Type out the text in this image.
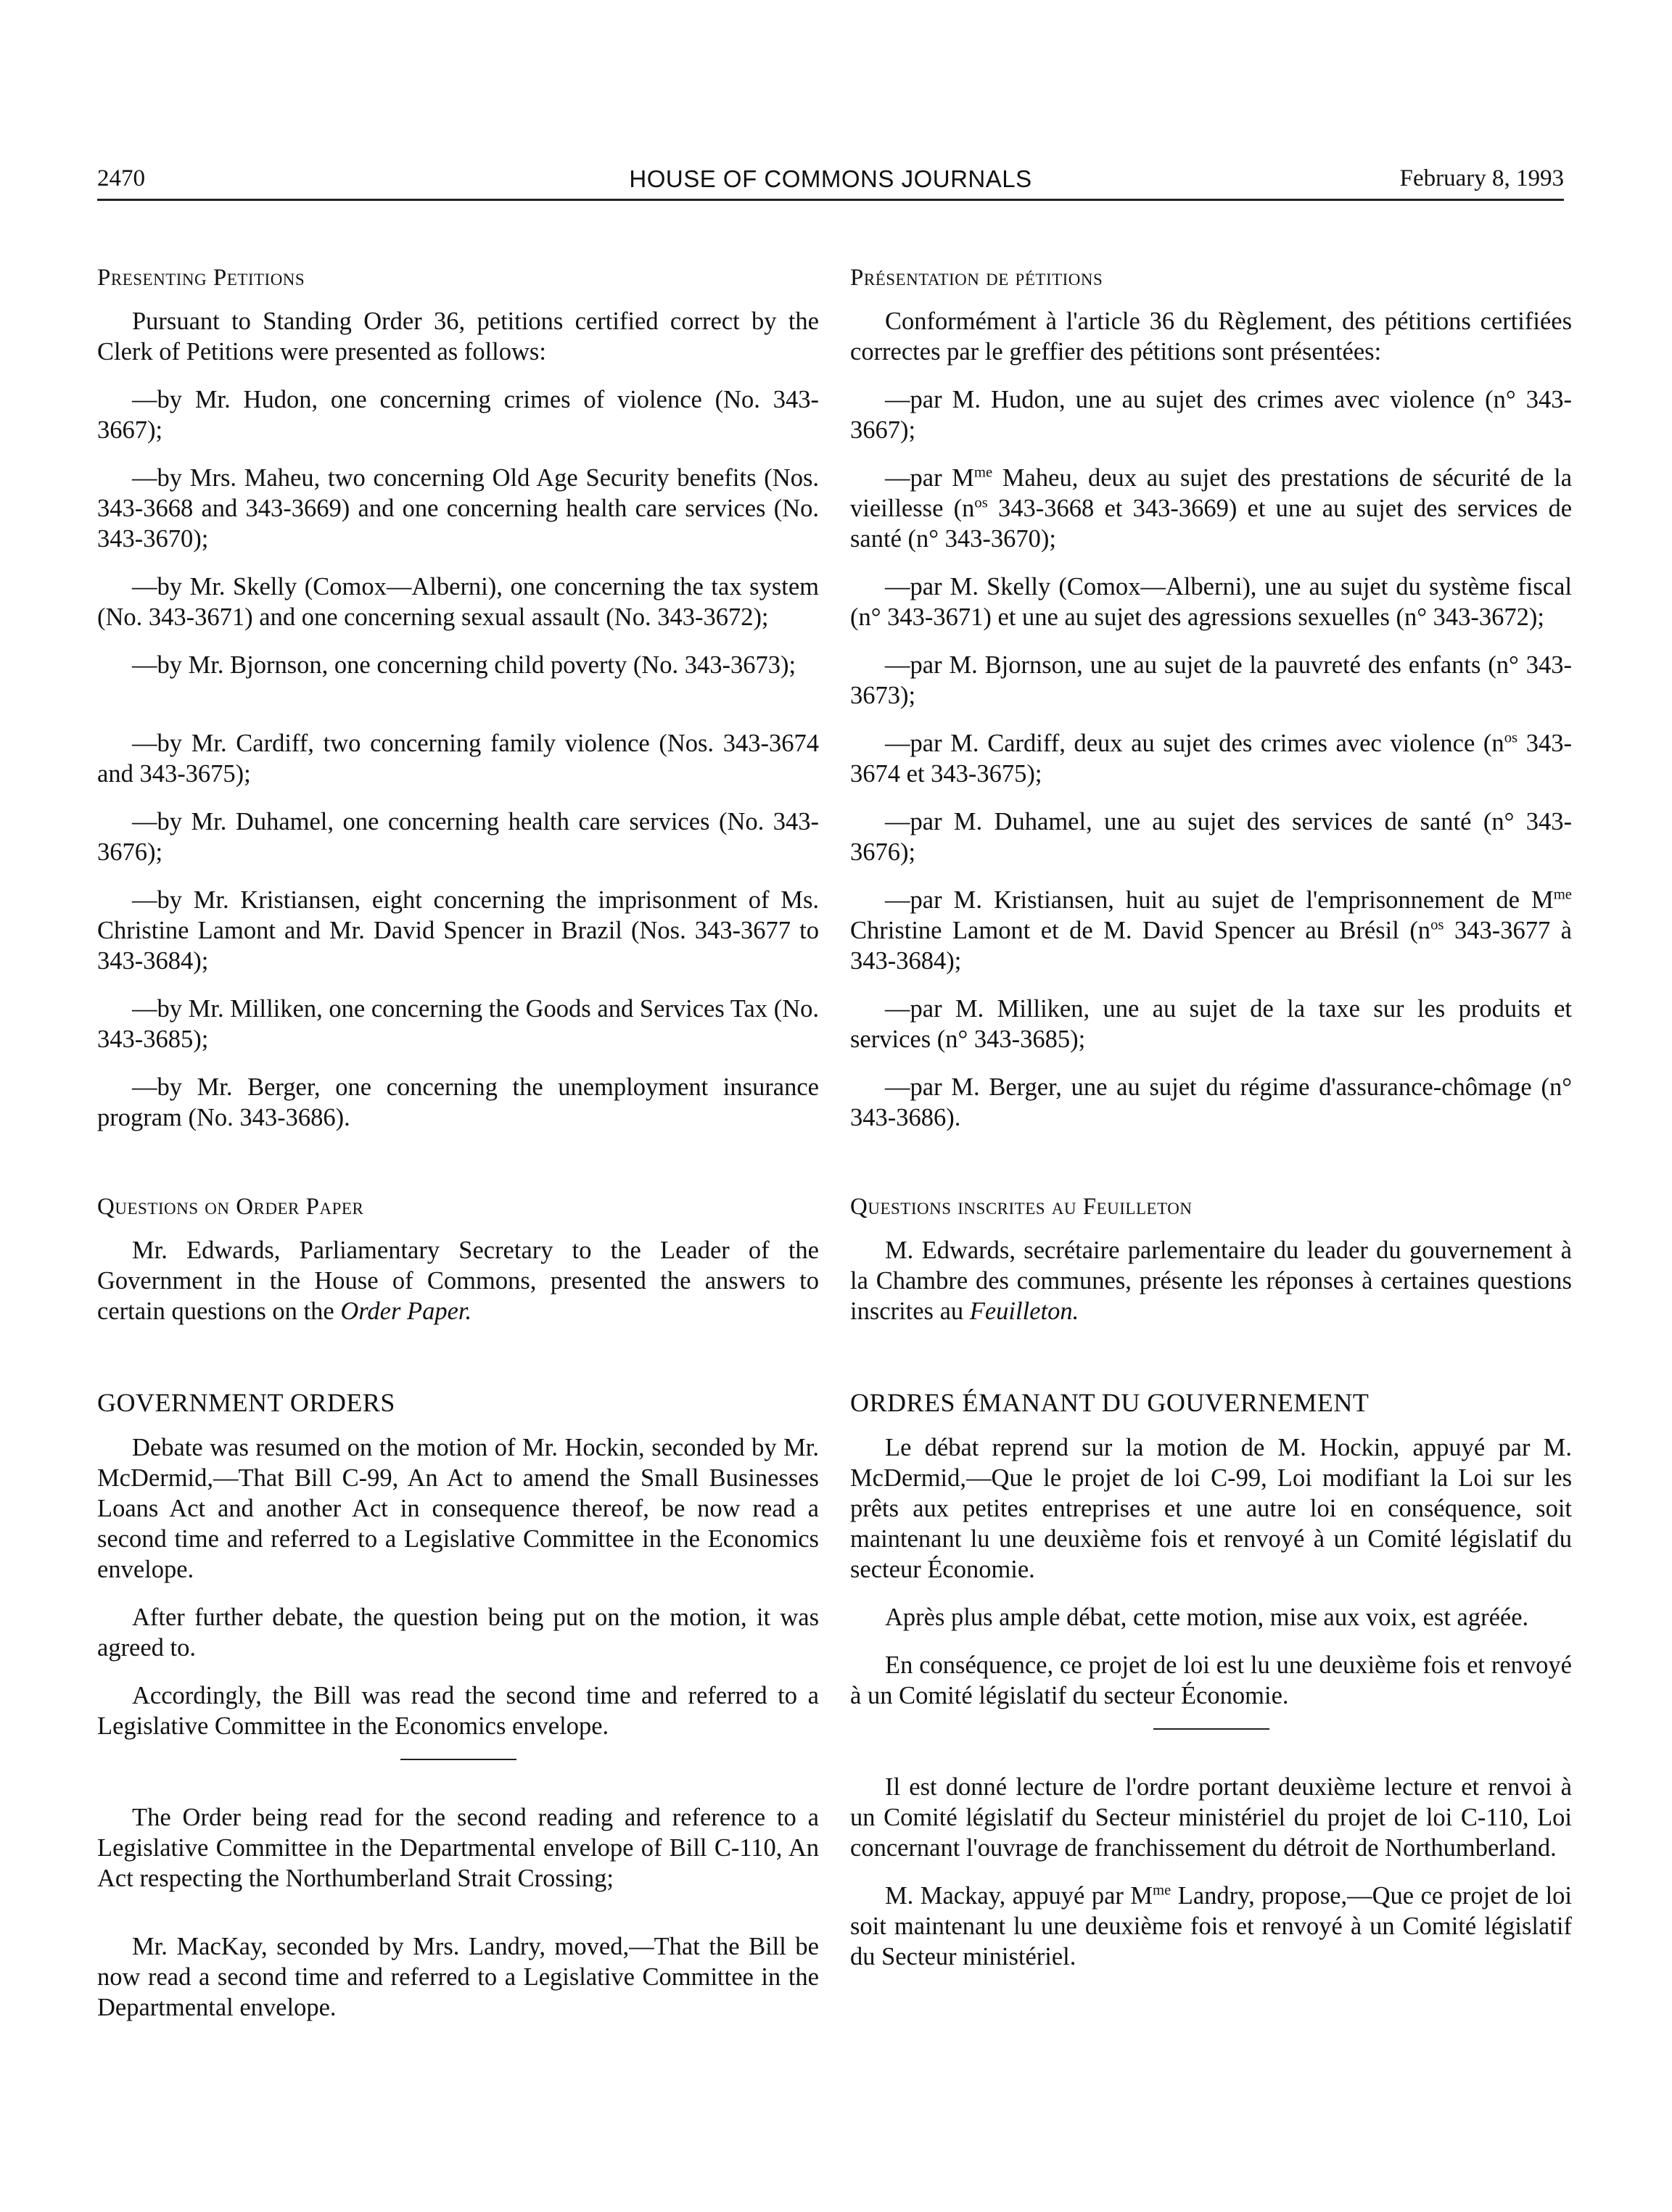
2470	HOUSE OF COMMONS JOURNALS	February 8, 1993
Presenting Petitions

Pursuant to Standing Order 36, petitions certified correct by the Clerk of Petitions were presented as follows:

—by Mr. Hudon, one concerning crimes of violence (No. 343-3667);

—by Mrs. Maheu, two concerning Old Age Security benefits (Nos. 343-3668 and 343-3669) and one concerning health care services (No. 343-3670);

—by Mr. Skelly (Comox—Alberni), one concerning the tax system (No. 343-3671) and one concerning sexual assault (No. 343-3672);

—by Mr. Bjornson, one concerning child poverty (No. 343-3673);

—by Mr. Cardiff, two concerning family violence (Nos. 343-3674 and 343-3675);

—by Mr. Duhamel, one concerning health care services (No. 343-3676);

—by Mr. Kristiansen, eight concerning the imprisonment of Ms. Christine Lamont and Mr. David Spencer in Brazil (Nos. 343-3677 to 343-3684);

—by Mr. Milliken, one concerning the Goods and Services Tax (No. 343-3685);

—by Mr. Berger, one concerning the unemployment insurance program (No. 343-3686).

Questions on Order Paper

Mr. Edwards, Parliamentary Secretary to the Leader of the Government in the House of Commons, presented the answers to certain questions on the Order Paper.

GOVERNMENT ORDERS

Debate was resumed on the motion of Mr. Hockin, seconded by Mr. McDermid,—That Bill C-99, An Act to amend the Small Businesses Loans Act and another Act in consequence thereof, be now read a second time and referred to a Legislative Committee in the Economics envelope.

After further debate, the question being put on the motion, it was agreed to.

Accordingly, the Bill was read the second time and referred to a Legislative Committee in the Economics envelope.

The Order being read for the second reading and reference to a Legislative Committee in the Departmental envelope of Bill C-110, An Act respecting the Northumberland Strait Crossing;

Mr. MacKay, seconded by Mrs. Landry, moved,—That the Bill be now read a second time and referred to a Legislative Committee in the Departmental envelope.

Présentation de pétitions

Conformément à l'article 36 du Règlement, des pétitions certifiées correctes par le greffier des pétitions sont présentées:

—par M. Hudon, une au sujet des crimes avec violence (n° 343-3667);

—par $M^{me}$ Maheu, deux au sujet des prestations de sécurité de la vieillesse ($n^{os}$ 343-3668 et 343-3669) et une au sujet des services de santé (n° 343-3670);

—par M. Skelly (Comox—Alberni), une au sujet du système fiscal (n° 343-3671) et une au sujet des agressions sexuelles (n° 343-3672);

—par M. Bjornson, une au sujet de la pauvreté des enfants (n° 343-3673);

—par M. Cardiff, deux au sujet des crimes avec violence ($n^{os}$ 343-3674 et 343-3675);

—par M. Duhamel, une au sujet des services de santé (n° 343-3676);

—par M. Kristiansen, huit au sujet de l'emprisonnement de $M^{me}$ Christine Lamont et de M. David Spencer au Brésil ($n^{os}$ 343-3677 à 343-3684);

—par M. Milliken, une au sujet de la taxe sur les produits et services (n° 343-3685);

—par M. Berger, une au sujet du régime d'assurance-chômage (n° 343-3686).

Questions inscrites au Feuilleton

M. Edwards, secrétaire parlementaire du leader du gouvernement à la Chambre des communes, présente les réponses à certaines questions inscrites au Feuilleton.

ORDRES ÉMANANT DU GOUVERNEMENT

Le débat reprend sur la motion de M. Hockin, appuyé par M. McDermid,—Que le projet de loi C-99, Loi modifiant la Loi sur les prêts aux petites entreprises et une autre loi en conséquence, soit maintenant lu une deuxième fois et renvoyé à un Comité législatif du secteur Économie.

Après plus ample débat, cette motion, mise aux voix, est agréée.

En conséquence, ce projet de loi est lu une deuxième fois et renvoyé à un Comité législatif du secteur Économie.

Il est donné lecture de l'ordre portant deuxième lecture et renvoi à un Comité législatif du Secteur ministériel du projet de loi C-110, Loi concernant l'ouvrage de franchissement du détroit de Northumberland.

M. Mackay, appuyé par $M^{me}$ Landry, propose,—Que ce projet de loi soit maintenant lu une deuxième fois et renvoyé à un Comité législatif du Secteur ministériel.
